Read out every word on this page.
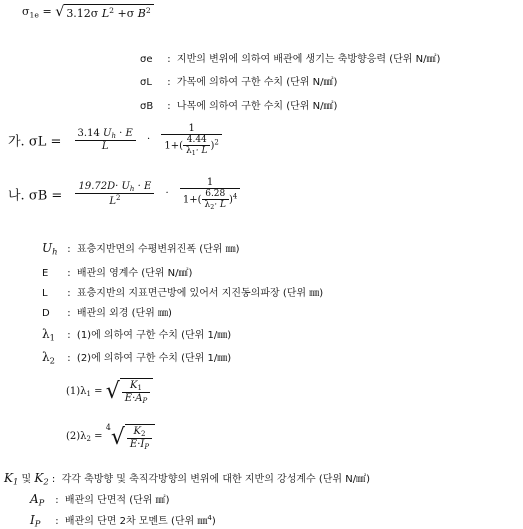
$\sigma_{1e}$ = √ 3.12σ $L^2 +\sigma$ $B^2$
σe : 지반의 변위에 의하여 배관에 생기는 축방향응력 (단위 N/㎟)
σL : 가목에 의하여 구한 수치 (단위 N/㎟)
σB : 나목에 의하여 구한 수치 (단위 N/㎟)
가. $\sigma L = \frac{3.14 U_h \cdot E}{L} \cdot \frac{1}{1+( \frac{4.44}{\lambda_1\cdot L} )^2}$
나. $\sigma B = \frac{19.72D\cdot U_h \cdot E}{L^2} \cdot \frac{1}{1+( \frac{6.28}{\lambda_2\cdot L} )^4}$
$U_h$ : 표층지반면의 수평변위진폭 (단위 ㎜)
E : 배관의 영계수 (단위 N/㎟)
L : 표층지반의 지표면근방에 있어서 지진동의파장 (단위 ㎜)
D : 배관의 외경 (단위 ㎜)
$\lambda_1$ : (1)에 의하여 구한 수치 (단위 1/㎜)
$\lambda_2$ : (2)에 의하여 구한 수치 (단위 1/㎜)
$(1)\lambda_1$ = √ $\frac{K_1}{E\cdot A_P}$
$(2)\lambda_2 = ^4√ \frac{K_2}{E\cdot I_P}$
$K_1$ 및 $K_2$ : 각각 축방향 및 축직각방향의 변위에 대한 지반의 강성계수 (단위 N/㎟)
$A_P$ : 배관의 단면적 (단위 ㎟)
$I_P$ : 배관의 단면 2차 모멘트 (단위 ㎜$^4$)
